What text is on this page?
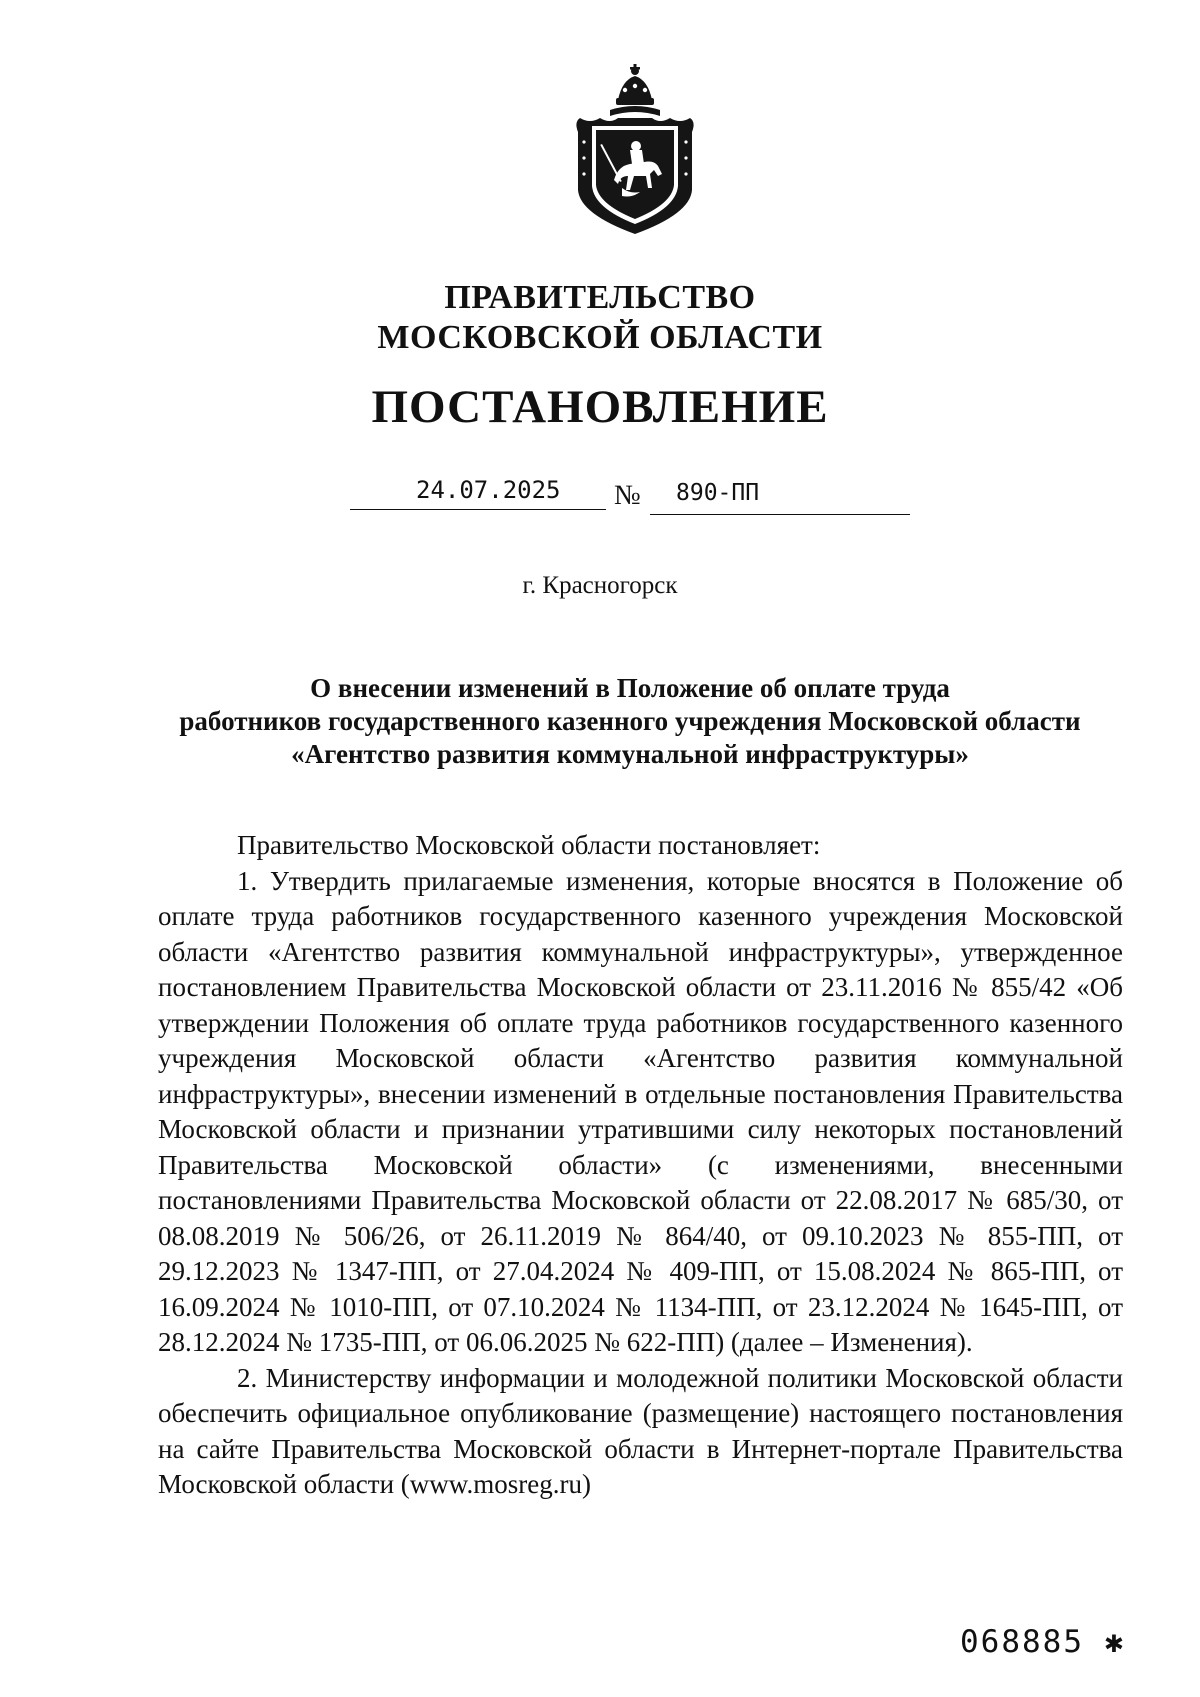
ПРАВИТЕЛЬСТВО
МОСКОВСКОЙ ОБЛАСТИ
ПОСТАНОВЛЕНИЕ
24.07.2025 № 890-ПП
г. Красногорск
О внесении изменений в Положение об оплате труда
работников государственного казенного учреждения Московской области
«Агентство развития коммунальной инфраструктуры»

Правительство Московской области постановляет:

1. Утвердить прилагаемые изменения, которые вносятся в Положение об оплате труда работников государственного казенного учреждения Московской области «Агентство развития коммунальной инфраструктуры», утвержденное постановлением Правительства Московской области от 23.11.2016 № 855/42 «Об утверждении Положения об оплате труда работников государственного казенного учреждения Московской области «Агентство развития коммунальной инфраструктуры», внесении изменений в отдельные постановления Правительства Московской области и признании утратившими силу некоторых постановлений Правительства Московской области» (с изменениями, внесенными постановлениями Правительства Московской области от 22.08.2017 № 685/30, от 08.08.2019 № 506/26, от 26.11.2019 № 864/40, от 09.10.2023 № 855-ПП, от 29.12.2023 № 1347-ПП, от 27.04.2024 № 409-ПП, от 15.08.2024 № 865-ПП, от 16.09.2024 № 1010-ПП, от 07.10.2024 № 1134-ПП, от 23.12.2024 № 1645-ПП, от 28.12.2024 № 1735-ПП, от 06.06.2025 № 622-ПП) (далее – Изменения).

2. Министерству информации и молодежной политики Московской области обеспечить официальное опубликование (размещение) настоящего постановления на сайте Правительства Московской области в Интернет-портале Правительства Московской области (www.mosreg.ru)

068885 ✱
